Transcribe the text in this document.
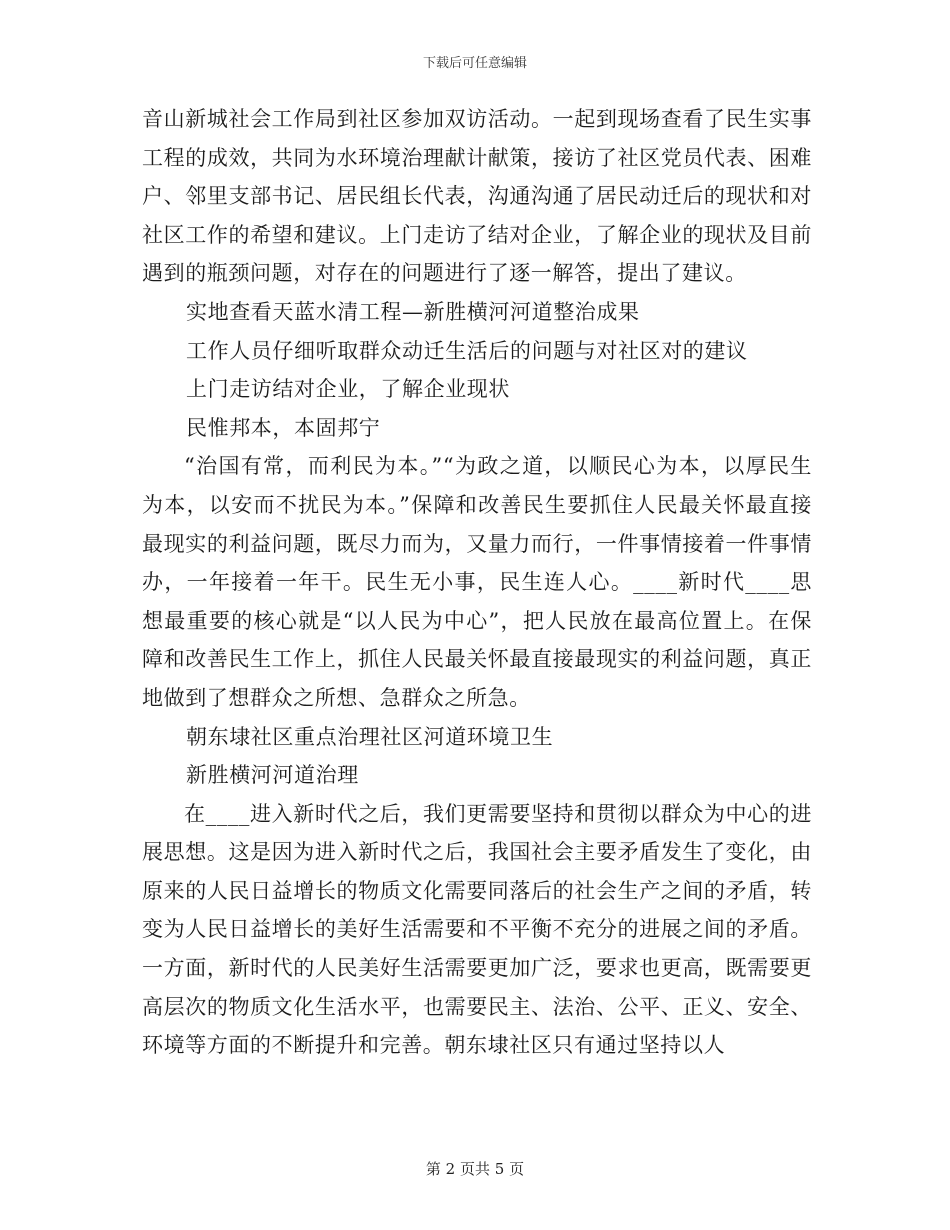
下载后可任意编辑

音山新城社会工作局到社区参加双访活动。一起到现场查看了民生实事工程的成效，共同为水环境治理献计献策，接访了社区党员代表、困难户、邻里支部书记、居民组长代表，沟通沟通了居民动迁后的现状和对社区工作的希望和建议。上门走访了结对企业，了解企业的现状及目前遇到的瓶颈问题，对存在的问题进行了逐一解答，提出了建议。

实地查看天蓝水清工程—新胜横河河道整治成果

工作人员仔细听取群众动迁生活后的问题与对社区对的建议

上门走访结对企业，了解企业现状

民惟邦本，本固邦宁

“治国有常，而利民为本。”“为政之道，以顺民心为本，以厚民生为本，以安而不扰民为本。”保障和改善民生要抓住人民最关怀最直接最现实的利益问题，既尽力而为，又量力而行，一件事情接着一件事情办，一年接着一年干。民生无小事，民生连人心。____新时代____思想最重要的核心就是“以人民为中心”，把人民放在最高位置上。在保障和改善民生工作上，抓住人民最关怀最直接最现实的利益问题，真正地做到了想群众之所想、急群众之所急。

朝东埭社区重点治理社区河道环境卫生

新胜横河河道治理

在____进入新时代之后，我们更需要坚持和贯彻以群众为中心的进展思想。这是因为进入新时代之后，我国社会主要矛盾发生了变化，由原来的人民日益增长的物质文化需要同落后的社会生产之间的矛盾，转变为人民日益增长的美好生活需要和不平衡不充分的进展之间的矛盾。一方面，新时代的人民美好生活需要更加广泛，要求也更高，既需要更高层次的物质文化生活水平，也需要民主、法治、公平、正义、安全、环境等方面的不断提升和完善。朝东埭社区只有通过坚持以人

第 2 页共 5 页
